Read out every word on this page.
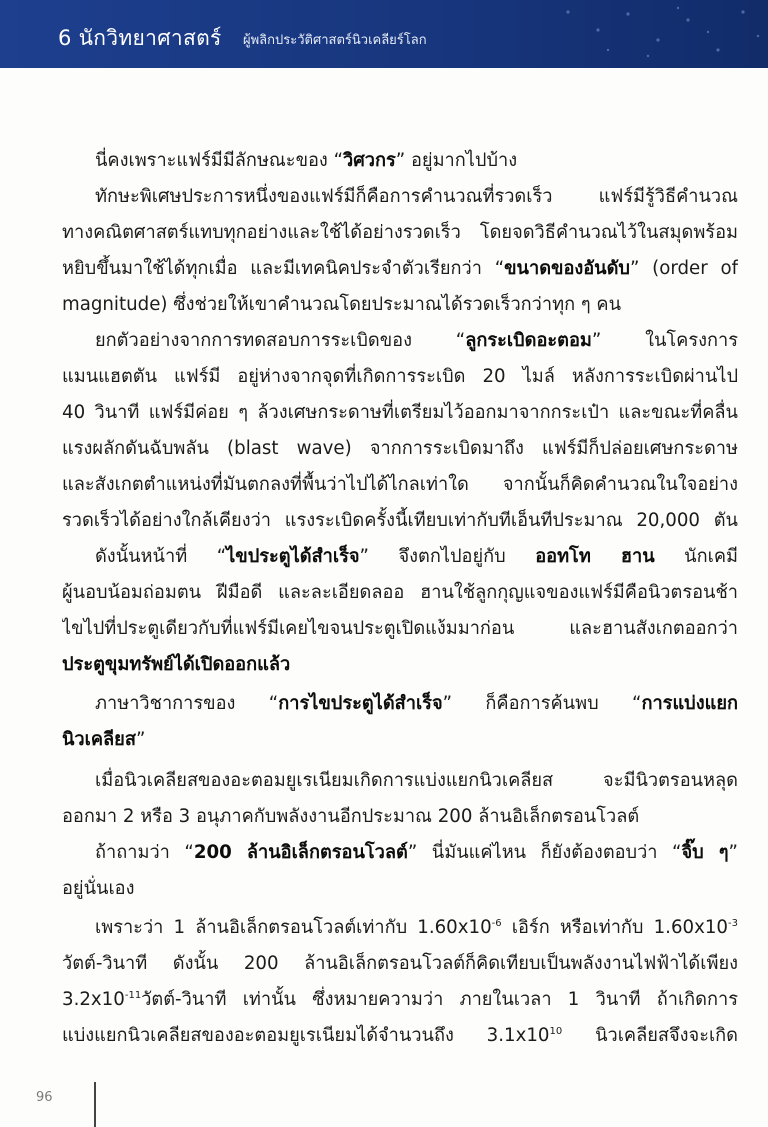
6 นักวิทยาศาสตร์ ผู้พลิกประวัติศาสตร์นิวเคลียร์โลก
นี่คงเพราะแฟร์มีมีลักษณะของ “วิศวกร” อยู่มากไปบ้าง
ทักษะพิเศษประการหนึ่งของแฟร์มีก็คือการคำนวณที่รวดเร็ว แฟร์มีรู้วิธีคำนวณ
ทางคณิตศาสตร์แทบทุกอย่างและใช้ได้อย่างรวดเร็ว โดยจดวิธีคำนวณไว้ในสมุดพร้อม
หยิบขึ้นมาใช้ได้ทุกเมื่อ และมีเทคนิคประจำตัวเรียกว่า “ขนาดของอันดับ” (order of
magnitude) ซึ่งช่วยให้เขาคำนวณโดยประมาณได้รวดเร็วกว่าทุก ๆ คน
ยกตัวอย่างจากการทดสอบการระเบิดของ “ลูกระเบิดอะตอม” ในโครงการ
แมนแฮตตัน แฟร์มี อยู่ห่างจากจุดที่เกิดการระเบิด 20 ไมล์ หลังการระเบิดผ่านไป
40 วินาที แฟร์มีค่อย ๆ ล้วงเศษกระดาษที่เตรียมไว้ออกมาจากกระเป๋า และขณะที่คลื่น
แรงผลักดันฉับพลัน (blast wave) จากการระเบิดมาถึง แฟร์มีก็ปล่อยเศษกระดาษ
และสังเกตตำแหน่งที่มันตกลงที่พื้นว่าไปได้ไกลเท่าใด จากนั้นก็คิดคำนวณในใจอย่าง
รวดเร็วได้อย่างใกล้เคียงว่า แรงระเบิดครั้งนี้เทียบเท่ากับทีเอ็นทีประมาณ 20,000 ตัน
ดังนั้นหน้าที่ “ไขประตูได้สำเร็จ” จึงตกไปอยู่กับ ออทโท ฮาน นักเคมี
ผู้นอบน้อมถ่อมตน ฝีมือดี และละเอียดลออ ฮานใช้ลูกกุญแจของแฟร์มีคือนิวตรอนช้า
ไขไปที่ประตูเดียวกับที่แฟร์มีเคยไขจนประตูเปิดแง้มมาก่อน และฮานสังเกตออกว่า
ประตูขุมทรัพย์ได้เปิดออกแล้ว
ภาษาวิชาการของ “การไขประตูได้สำเร็จ” ก็คือการค้นพบ “การแบ่งแยก
นิวเคลียส”
เมื่อนิวเคลียสของอะตอมยูเรเนียมเกิดการแบ่งแยกนิวเคลียส จะมีนิวตรอนหลุด
ออกมา 2 หรือ 3 อนุภาคกับพลังงานอีกประมาณ 200 ล้านอิเล็กตรอนโวลต์
ถ้าถามว่า “200 ล้านอิเล็กตรอนโวลต์” นี่มันแค่ไหน ก็ยังต้องตอบว่า “จิ๊บ ๆ”
อยู่นั่นเอง
เพราะว่า 1 ล้านอิเล็กตรอนโวลต์เท่ากับ $1.60x10^{-6}$ เอิร์ก หรือเท่ากับ $1.60x10^{-3}$
วัตต์-วินาที ดังนั้น 200 ล้านอิเล็กตรอนโวลต์ก็คิดเทียบเป็นพลังงานไฟฟ้าได้เพียง
$3.2x10^{-11}$วัตต์-วินาที เท่านั้น ซึ่งหมายความว่า ภายในเวลา 1 วินาที ถ้าเกิดการ
แบ่งแยกนิวเคลียสของอะตอมยูเรเนียมได้จำนวนถึง $3.1x10^{10}$ นิวเคลียสจึงจะเกิด
96
